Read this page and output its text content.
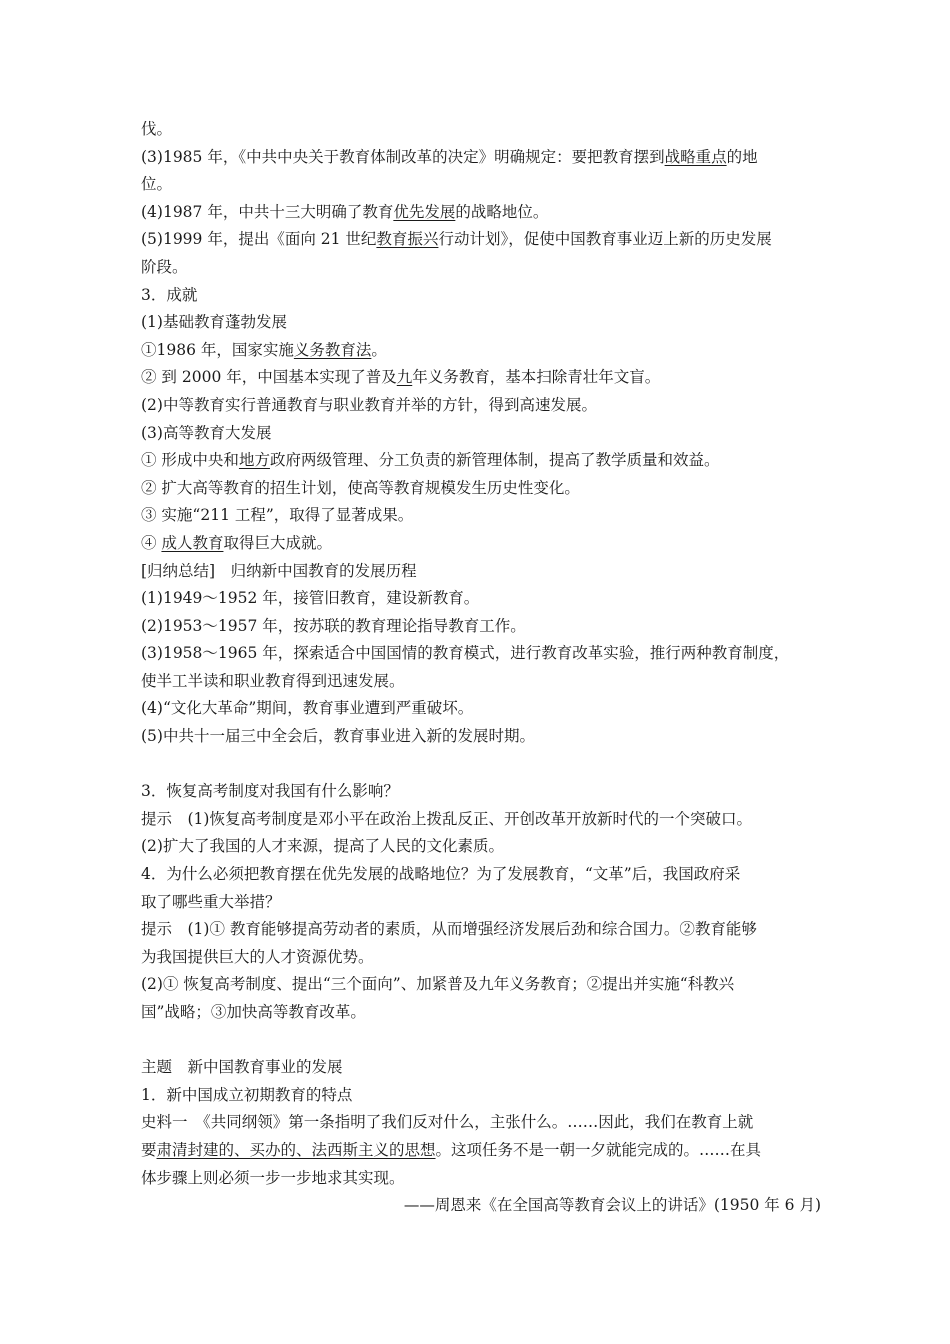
伐。
(3)1985 年，《中共中央关于教育体制改革的决定》明确规定：要把教育摆到战略重点的地
位。
(4)1987 年，中共十三大明确了教育优先发展的战略地位。
(5)1999 年，提出《面向 21 世纪教育振兴行动计划》，促使中国教育事业迈上新的历史发展
阶段。
3．成就
(1)基础教育蓬勃发展
①1986 年，国家实施义务教育法。
② 到 2000 年，中国基本实现了普及九年义务教育，基本扫除青壮年文盲。
(2)中等教育实行普通教育与职业教育并举的方针，得到高速发展。
(3)高等教育大发展
① 形成中央和地方政府两级管理、分工负责的新管理体制，提高了教学质量和效益。
② 扩大高等教育的招生计划，使高等教育规模发生历史性变化。
③ 实施“211 工程”，取得了显著成果。
④ 成人教育取得巨大成就。
[归纳总结]　归纳新中国教育的发展历程
(1)1949～1952 年，接管旧教育，建设新教育。
(2)1953～1957 年，按苏联的教育理论指导教育工作。
(3)1958～1965 年，探索适合中国国情的教育模式，进行教育改革实验，推行两种教育制度，
使半工半读和职业教育得到迅速发展。
(4)“文化大革命”期间，教育事业遭到严重破坏。
(5)中共十一届三中全会后，教育事业进入新的发展时期。
3．恢复高考制度对我国有什么影响？
提示　(1)恢复高考制度是邓小平在政治上拨乱反正、开创改革开放新时代的一个突破口。
(2)扩大了我国的人才来源，提高了人民的文化素质。
4．为什么必须把教育摆在优先发展的战略地位？为了发展教育，“文革”后，我国政府采
取了哪些重大举措？
提示　(1)① 教育能够提高劳动者的素质，从而增强经济发展后劲和综合国力。②教育能够
为我国提供巨大的人才资源优势。
(2)① 恢复高考制度、提出“三个面向”、加紧普及九年义务教育；②提出并实施“科教兴
国”战略；③加快高等教育改革。
主题　新中国教育事业的发展
1．新中国成立初期教育的特点
史料一　《共同纲领》第一条指明了我们反对什么，主张什么。……因此，我们在教育上就
要肃清封建的、买办的、法西斯主义的思想。这项任务不是一朝一夕就能完成的。……在具
体步骤上则必须一步一步地求其实现。
——周恩来《在全国高等教育会议上的讲话》(1950 年 6 月)
